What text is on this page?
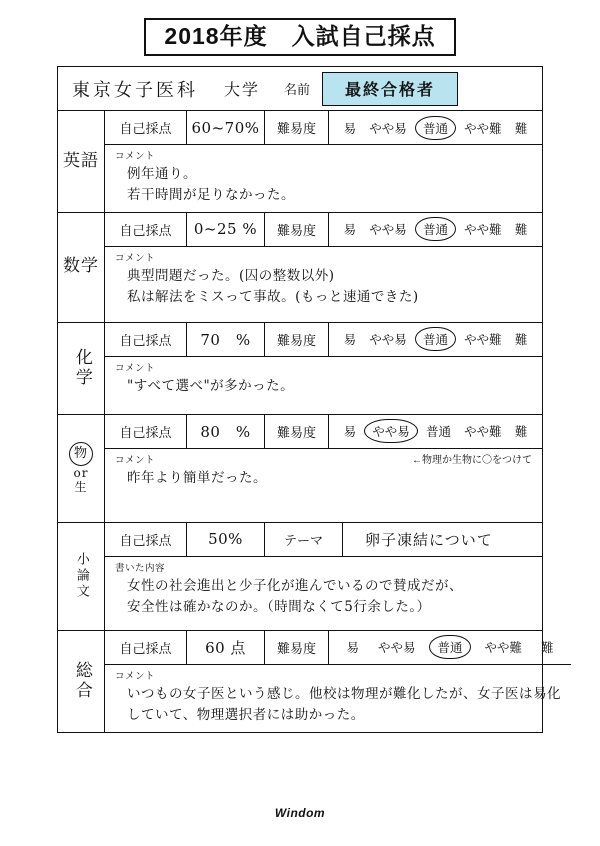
2018年度　入試自己採点
東京女子医科 大学 名前	最終合格者
英語
自己採点	60~70%	難易度	易	やや易	普通	やや難	難
コメント
例年通り。
若干時間が足りなかった。
数学
自己採点	0~25 %	難易度	易	やや易	普通	やや難	難
コメント
典型問題だった。(囚の整数以外)
私は解法をミスって事故。(もっと速通できた)
化学
自己採点	70　%	難易度	易	やや易	普通	やや難	難
コメント
"すべて選べ"が多かった。
物
or
生
自己採点	80　%	難易度	易	やや易	普通	やや難	難
コメント	←物理か生物に〇をつけて
昨年より簡単だった。
小論文
自己採点	50%	テーマ	卵子凍結について
書いた内容
女性の社会進出と少子化が進んでいるので賛成だが、
安全性は確かなのか。（時間なくて5行余した。）
総合
自己採点	60 点	難易度	易	やや易	普通	やや難	難
コメント
いつもの女子医という感じ。他校は物理が難化したが、女子医は易化
していて、物理選択者には助かった。
Windom
